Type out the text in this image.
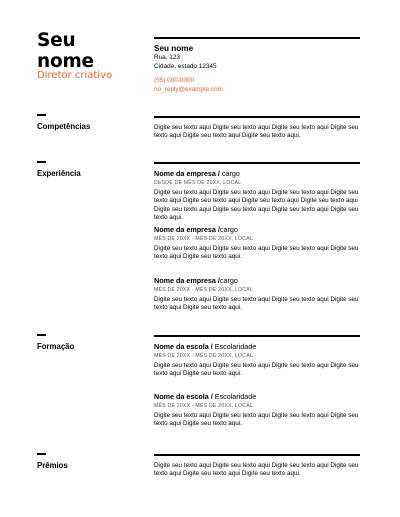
Seu
nome
Diretor criativo
Seu nome
Rua, 123
Cidade, estado 12345
(55) 000-0000
no_reply@example.com
Competências	Digite seu texto aqui Digite seu texto aqui Digite seu texto aqui Digite seu texto aqui Digite seu texto aqui Digite seu texto aqui.
Experiência	Nome da empresa / cargo
DESDE DE MÊS DE 20XX, LOCAL
Digite seu texto aqui Digite seu texto aqui Digite seu texto aqui Digite seu texto aqui Digite seu texto aqui Digite seu texto aqui Digite seu texto aqui Digite seu texto aqui Digite seu texto aqui Digite seu texto aqui Digite seu texto aqui.
Nome da empresa /cargo
MÊS DE 20XX - MÊS DE 20XX, LOCAL
Digite seu texto aqui Digite seu texto aqui Digite seu texto aqui Digite seu texto aqui Digite seu texto aqui.
Nome da empresa /cargo
MÊS DE 20XX - MÊS DE 20XX, LOCAL
Digite seu texto aqui Digite seu texto aqui Digite seu texto aqui Digite seu texto aqui Digite seu texto aqui.
Formação	Nome da escola / Escolaridade
MÊS DE 20XX - MÊS DE 20XX, LOCAL
Digite seu texto aqui Digite seu texto aqui Digite seu texto aqui Digite seu texto aqui Digite seu texto aqui.
Nome da escola / Escolaridade
MÊS DE 20XX - MÊS DE 20XX, LOCAL
Digite seu texto aqui Digite seu texto aqui Digite seu texto aqui Digite seu texto aqui Digite seu texto aqui.
Prêmios	Digite seu texto aqui Digite seu texto aqui Digite seu texto aqui Digite seu texto aqui Digite seu texto aqui Digite seu texto aqui.
